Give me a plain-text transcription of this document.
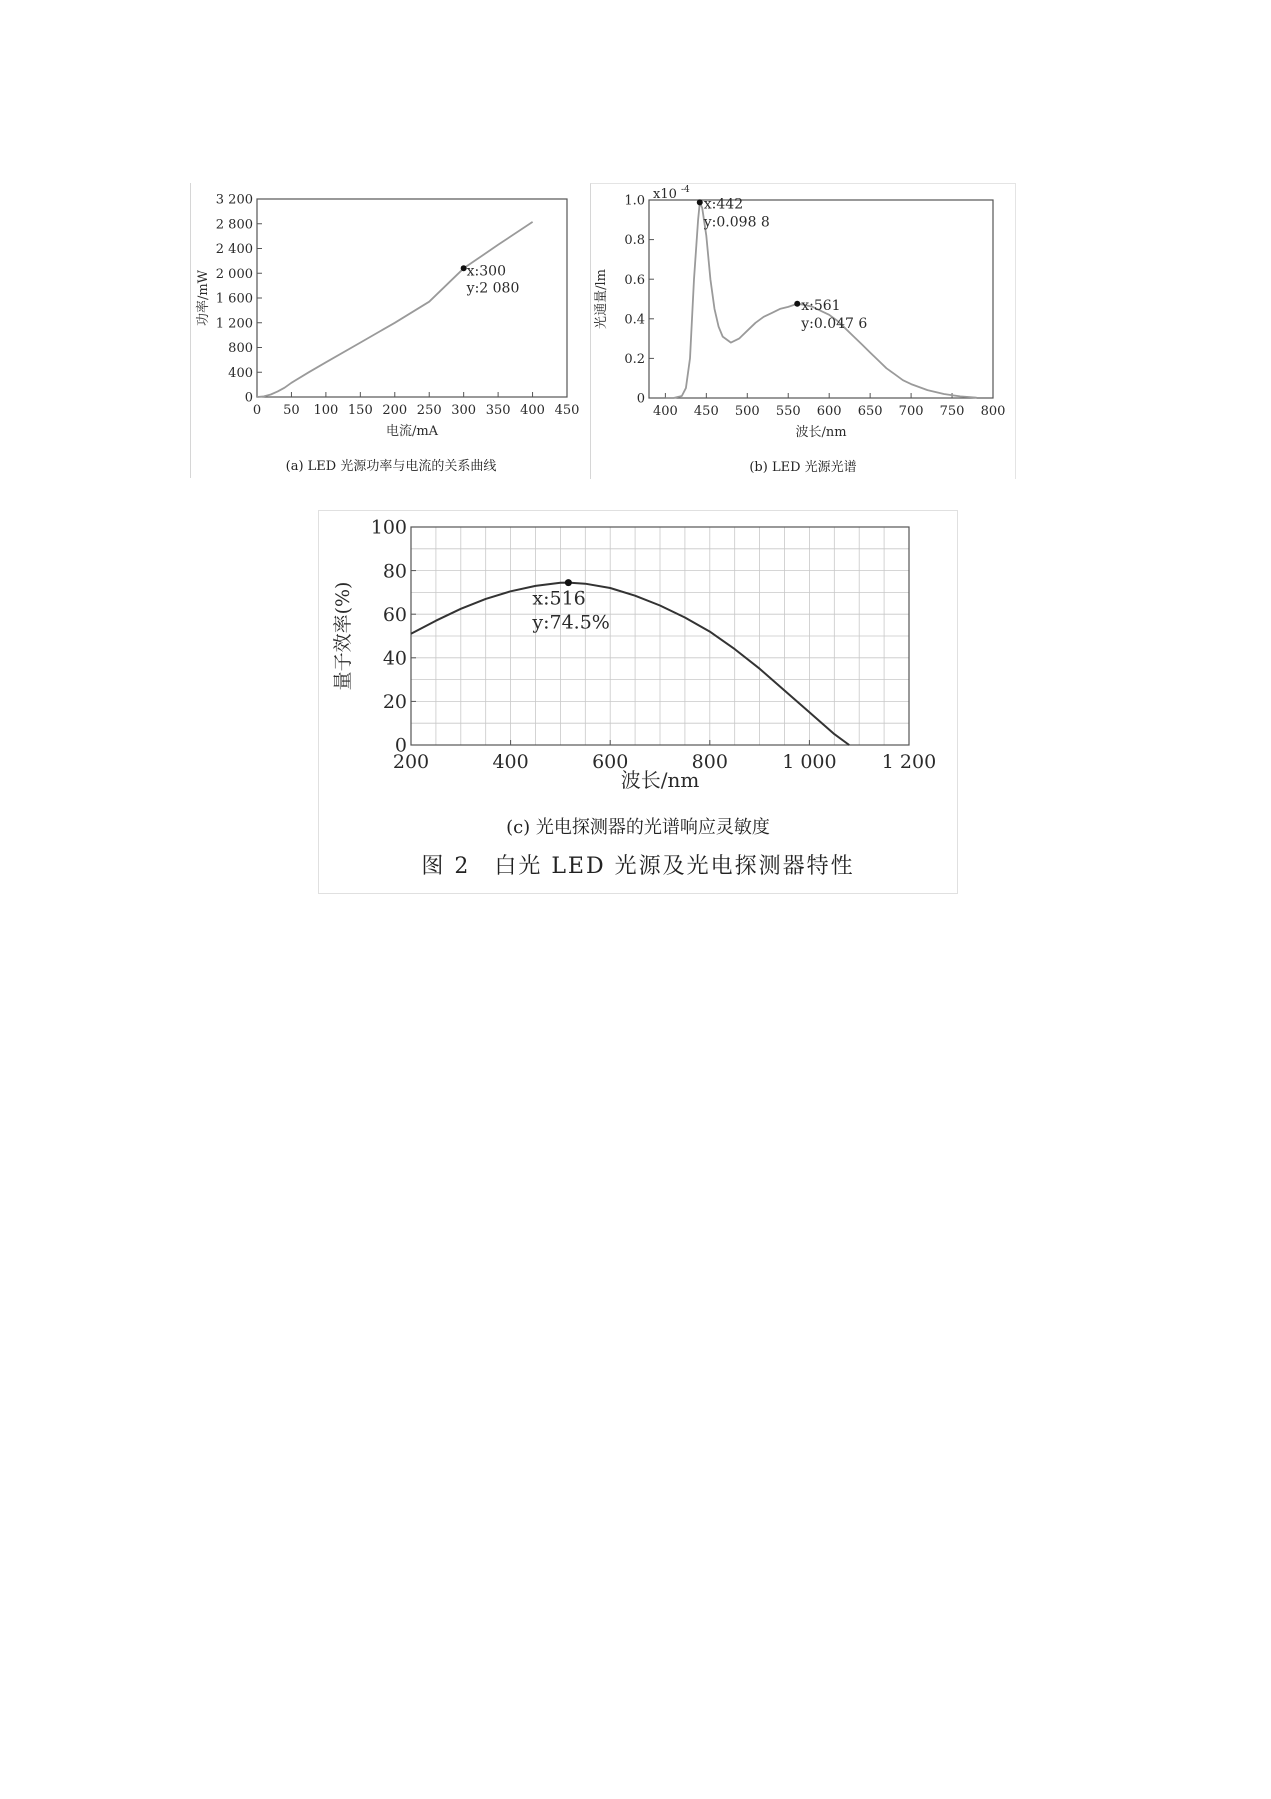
0 50 100 150 200 250 300 350 400 450
0
400
800
1 200
1 600
2 000
2 400
2 800
3 200
电流/mA
功率/mW	x:300
y:2 080
(a) LED 光源功率与电流的关系曲线
400 450 500 550 600 650 700 750 800
0
0.2
0.4
0.6
0.8
1.0
波长/nm
光通量/lm
x10 -4
x:442
y:0.098 8
x:561
y:0.047 6
(b) LED 光源光谱
200	400	600	800	1 000 1 200
0
20
40
60
80
100
波长/nm
量子效率(%)	x:516
y:74.5%
(c) 光电探测器的光谱响应灵敏度
图 2　白光 LED 光源及光电探测器特性
